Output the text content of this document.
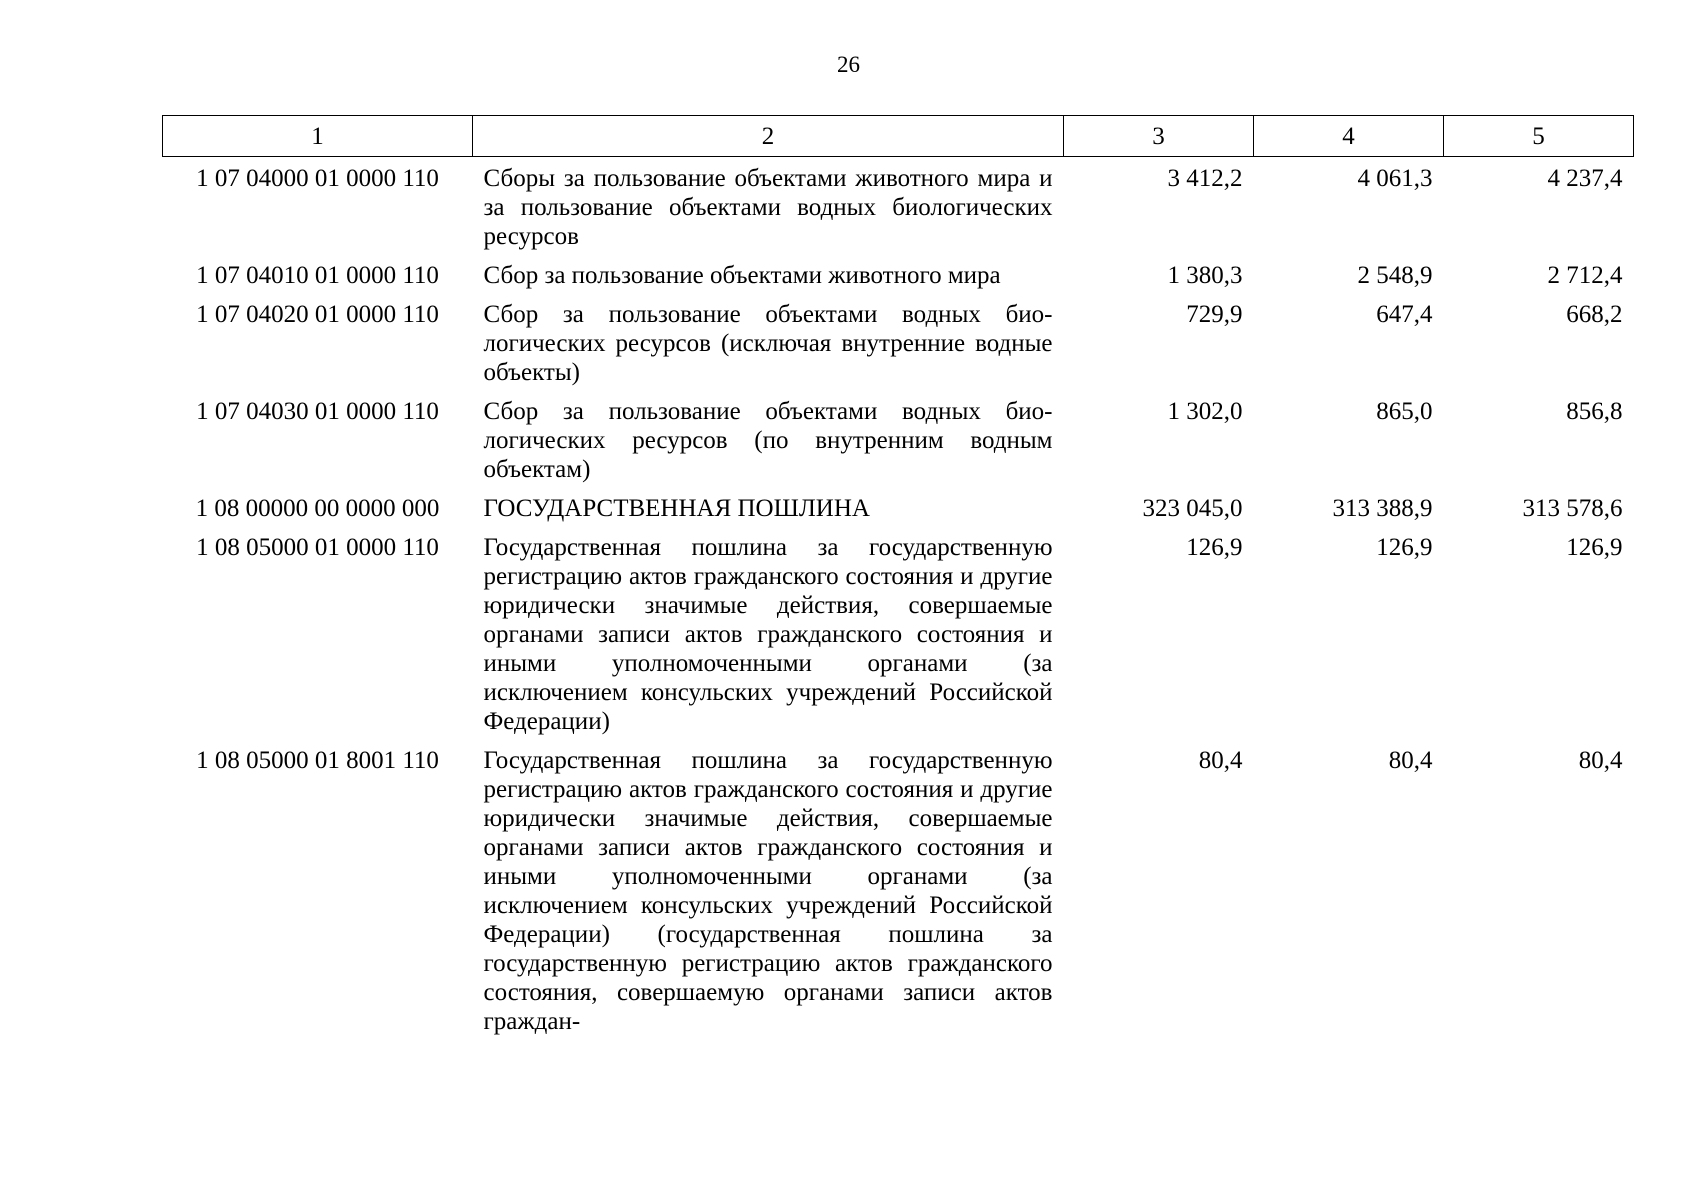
26
1	2	3	4	5
1 07 04000 01 0000 110	Сборы за пользование объектами животного мира и за пользование объектами водных биологических ресурсов	3 412,2	4 061,3	4 237,4
1 07 04010 01 0000 110	Сбор за пользование объектами животного мира	1 380,3	2 548,9	2 712,4
1 07 04020 01 0000 110	Сбор за пользование объектами водных биологических ресурсов (исключая внутренние водные объекты)	729,9	647,4	668,2
1 07 04030 01 0000 110	Сбор за пользование объектами водных биологических ресурсов (по внутренним водным объектам)	1 302,0	865,0	856,8
1 08 00000 00 0000 000	ГОСУДАРСТВЕННАЯ ПОШЛИНА	323 045,0	313 388,9	313 578,6
1 08 05000 01 0000 110	Государственная пошлина за государственную регистрацию актов гражданского состояния и другие юридически значимые действия, совершаемые органами записи актов гражданского состояния и иными уполномоченными органами (за исключением консульских учреждений Российской Федерации)	126,9	126,9	126,9
1 08 05000 01 8001 110	Государственная пошлина за государственную регистрацию актов гражданского состояния и другие юридически значимые действия, совершаемые органами записи актов гражданского состояния и иными уполномоченными органами (за исключением консульских учреждений Российской Федерации) (государственная пошлина за государственную регистрацию актов гражданского состояния, совершаемую органами записи актов граждан-	80,4	80,4	80,4
